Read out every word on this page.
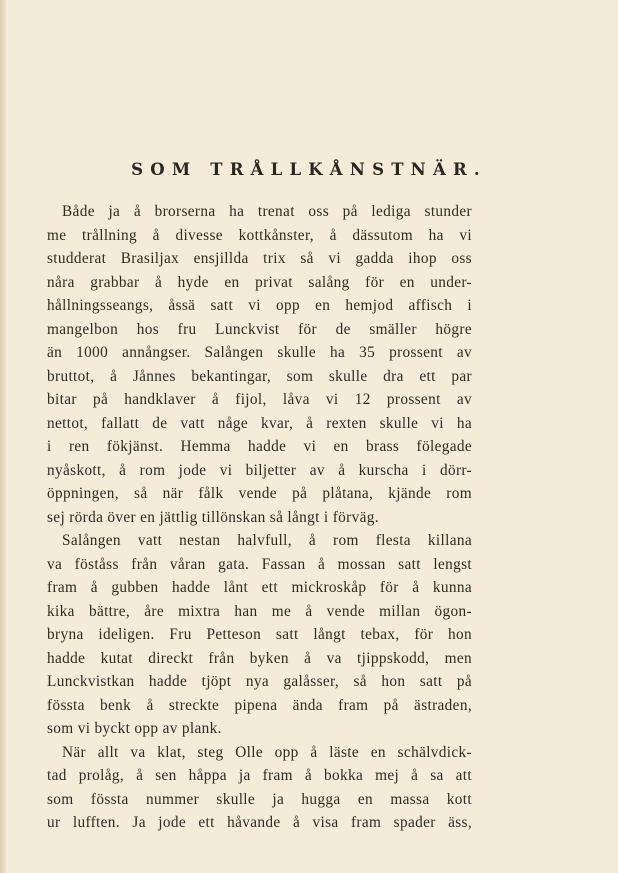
SOM TRÅLLKÅNSTNÄR.
Både ja å brorserna ha trenat oss på lediga stunder
me trållning å divesse kottkånster, å dässutom ha vi
studderat Brasiljax ensjillda trix så vi gadda ihop oss
nåra grabbar å hyde en privat salång för en under-
hållningsseangs, åssä satt vi opp en hemjod affisch i
mangelbon hos fru Lunckvist för de smäller högre
än 1000 annångser. Salången skulle ha 35 prossent av
bruttot, å Jånnes bekantingar, som skulle dra ett par
bitar på handklaver å fijol, låva vi 12 prossent av
nettot, fallatt de vatt någe kvar, å rexten skulle vi ha
i ren fökjänst. Hemma hadde vi en brass fölegade
nyåskott, å rom jode vi biljetter av å kurscha i dörr-
öppningen, så när fålk vende på plåtana, kjände rom
sej rörda över en jättlig tillönskan så långt i förväg.
Salången vatt nestan halvfull, å rom flesta killana
va föståss från våran gata. Fassan å mossan satt lengst
fram å gubben hadde lånt ett mickroskåp för å kunna
kika bättre, åre mixtra han me å vende millan ögon-
bryna ideligen. Fru Petteson satt långt tebax, för hon
hadde kutat direckt från byken å va tjippskodd, men
Lunckvistkan hadde tjöpt nya galåsser, så hon satt på
fössta benk å streckte pipena ända fram på ästraden,
som vi byckt opp av plank.
När allt va klat, steg Olle opp å läste en schälvdick-
tad prolåg, å sen håppa ja fram å bokka mej å sa att
som fössta nummer skulle ja hugga en massa kott
ur lufften. Ja jode ett håvande å visa fram spader äss,
